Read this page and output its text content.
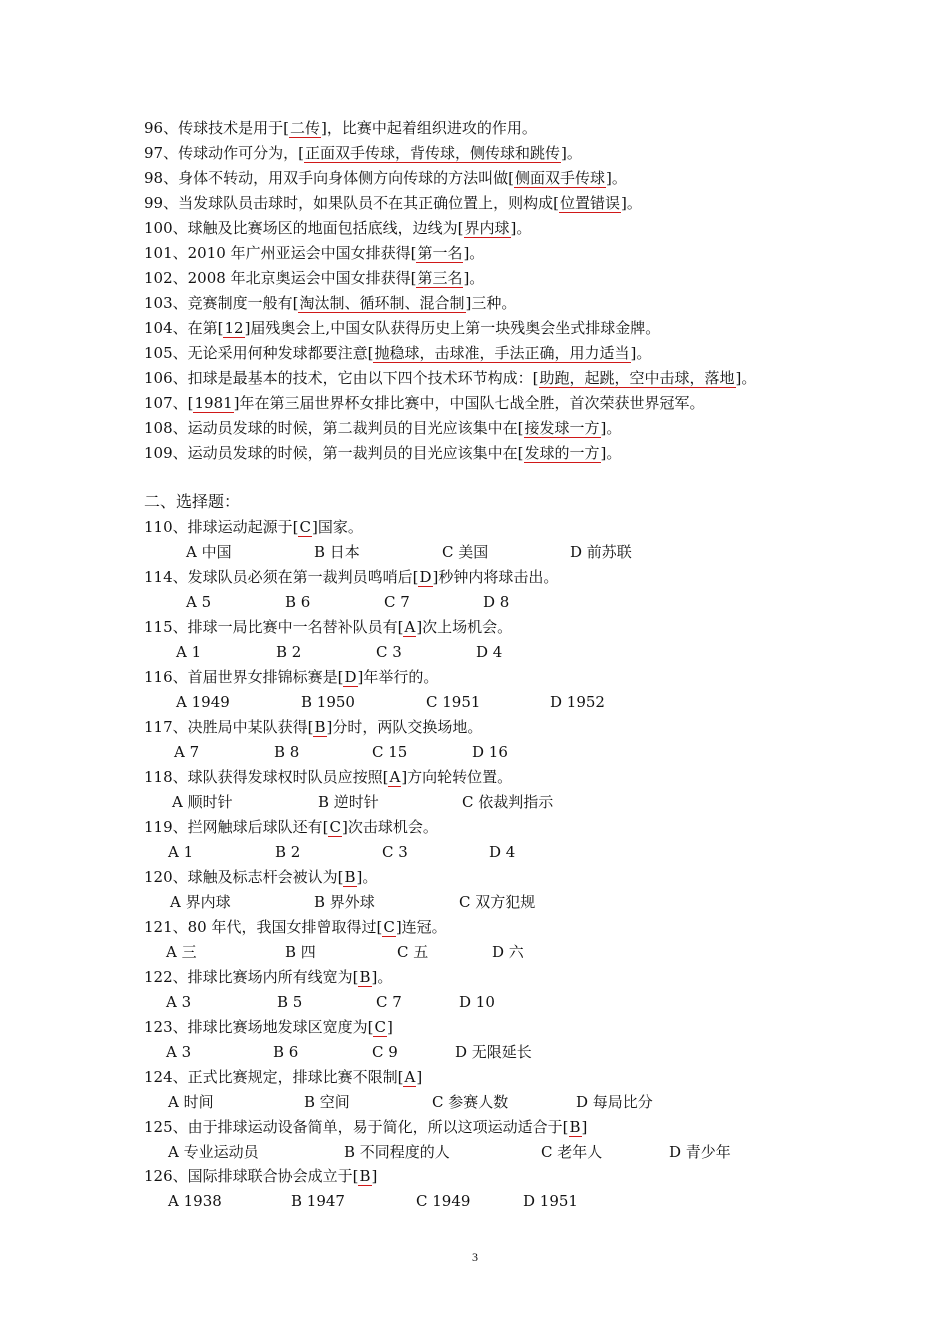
96、传球技术是用于[二传]，比赛中起着组织进攻的作用。
97、传球动作可分为，[正面双手传球，背传球，侧传球和跳传]。
98、身体不转动，用双手向身体侧方向传球的方法叫做[侧面双手传球]。
99、当发球队员击球时，如果队员不在其正确位置上，则构成[位置错误]。
100、球触及比赛场区的地面包括底线，边线为[界内球]。
101、2010 年广州亚运会中国女排获得[第一名]。
102、2008 年北京奥运会中国女排获得[第三名]。
103、竞赛制度一般有[淘汰制、循环制、混合制]三种。
104、在第[12]届残奥会上,中国女队获得历史上第一块残奥会坐式排球金牌。
105、无论采用何种发球都要注意[抛稳球，击球准，手法正确，用力适当]。
106、扣球是最基本的技术，它由以下四个技术环节构成：[助跑，起跳，空中击球，落地]。
107、[1981]年在第三届世界杯女排比赛中，中国队七战全胜，首次荣获世界冠军。
108、运动员发球的时候，第二裁判员的目光应该集中在[接发球一方]。
109、运动员发球的时候，第一裁判员的目光应该集中在[发球的一方]。
二、选择题：
110、排球运动起源于[C]国家。
A 中国	B 日本	C 美国	D 前苏联
114、发球队员必须在第一裁判员鸣哨后[D]秒钟内将球击出。
A 5	B 6	C 7	D 8
115、排球一局比赛中一名替补队员有[A]次上场机会。
A 1	B 2	C 3	D 4
116、首届世界女排锦标赛是[D]年举行的。
A 1949	B 1950	C 1951	D 1952
117、决胜局中某队获得[B]分时，两队交换场地。
A 7	B 8	C 15	D 16
118、球队获得发球权时队员应按照[A]方向轮转位置。
A 顺时针	B 逆时针	C 依裁判指示
119、拦网触球后球队还有[C]次击球机会。
A 1	B 2	C 3	D 4
120、球触及标志杆会被认为[B]。
A 界内球	B 界外球	C 双方犯规
121、80 年代，我国女排曾取得过[C]连冠。
A 三	B 四	C 五	D 六
122、排球比赛场内所有线宽为[B]。
A 3	B 5	C 7	D 10
123、排球比赛场地发球区宽度为[C]
A 3	B 6	C 9	D 无限延长
124、正式比赛规定，排球比赛不限制[A]
A 时间	B 空间	C 参赛人数	D 每局比分
125、由于排球运动设备简单，易于简化，所以这项运动适合于[B]
A 专业运动员	B 不同程度的人	C 老年人	D 青少年
126、国际排球联合协会成立于[B]
A 1938	B 1947	C 1949	D 1951
3
